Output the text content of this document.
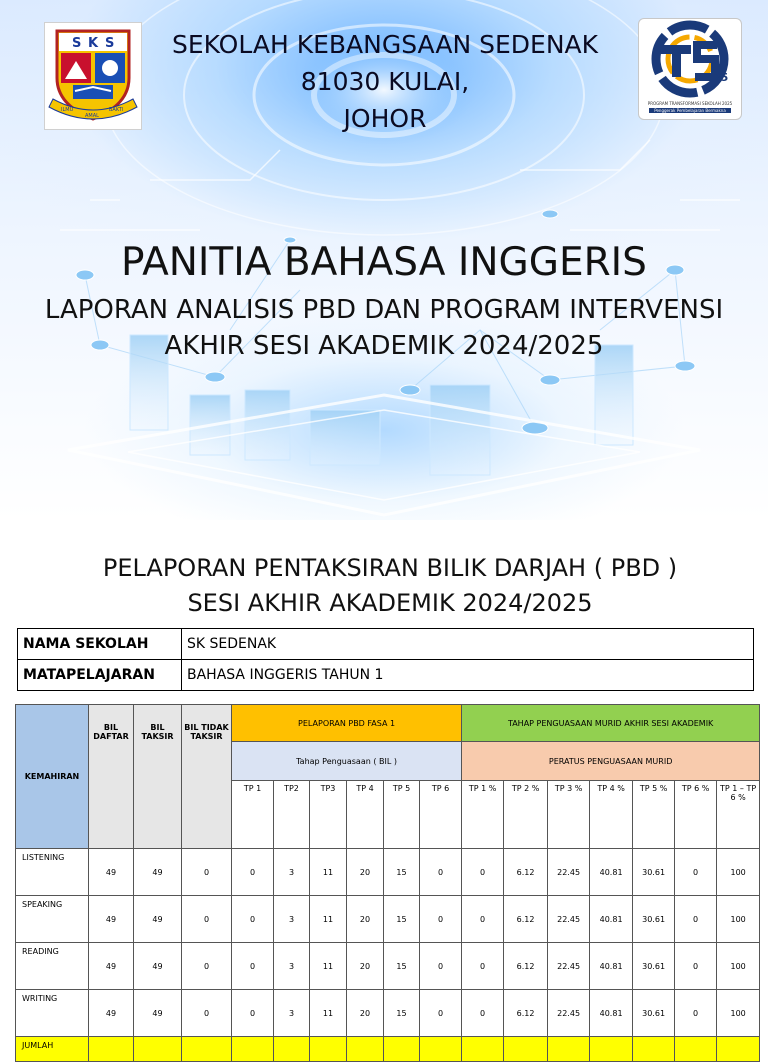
S K S
ILMU
AMAL
BAKTI
SEKOLAH KEBANGSAAN SEDENAK
81030 KULAI,
JOHOR
25
PROGRAM TRANSFORMASI SEKOLAH 2025
Penggerak Pembelajaran Bermakna
PANITIA BAHASA INGGERIS
LAPORAN ANALISIS PBD DAN PROGRAM INTERVENSI
AKHIR SESI AKADEMIK 2024/2025
PELAPORAN PENTAKSIRAN BILIK DARJAH ( PBD )
SESI AKHIR AKADEMIK 2024/2025
NAMA SEKOLAH	SK SEDENAK
MATAPELAJARAN	BAHASA INGGERIS TAHUN 1
KEMAHIRAN	BIL DAFTAR	BIL TAKSIR	BIL TIDAK TAKSIR	PELAPORAN PBD FASA 1						TAHAP PENGUASAAN MURID AKHIR SESI AKADEMIK						
				Tahap Penguasaan ( BIL )						PERATUS PENGUASAAN MURID						
				TP 1	TP2	TP3	TP 4	TP 5	TP 6	TP 1 %	TP 2 %	TP 3 %	TP 4 %	TP 5 %	TP 6 %	TP 1 – TP 6 %
LISTENING	49	49	0	0	3	11	20	15	0	0	6.12	22.45	40.81	30.61	0	100
SPEAKING	49	49	0	0	3	11	20	15	0	0	6.12	22.45	40.81	30.61	0	100
READING	49	49	0	0	3	11	20	15	0	0	6.12	22.45	40.81	30.61	0	100
WRITING	49	49	0	0	3	11	20	15	0	0	6.12	22.45	40.81	30.61	0	100
JUMLAH																
